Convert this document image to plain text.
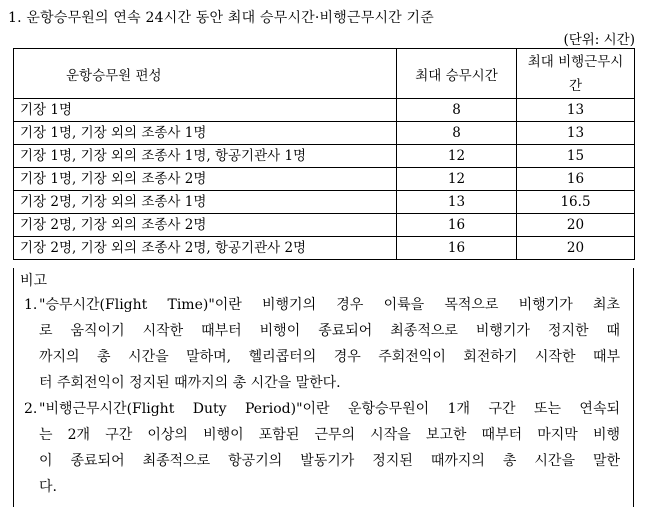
1. 운항승무원의 연속 24시간 동안 최대 승무시간·비행근무시간 기준
(단위: 시간)
운항승무원 편성	최대 승무시간	최대 비행근무시간
기장 1명	8	13
기장 1명, 기장 외의 조종사 1명	8	13
기장 1명, 기장 외의 조종사 1명, 항공기관사 1명	12	15
기장 1명, 기장 외의 조종사 2명	12	16
기장 2명, 기장 외의 조종사 1명	13	16.5
기장 2명, 기장 외의 조종사 2명	16	20
기장 2명, 기장 외의 조종사 2명, 항공기관사 2명	16	20
비고
1. "승무시간(Flight Time)"이란 비행기의 경우 이륙을 목적으로 비행기가 최초
로 움직이기 시작한 때부터 비행이 종료되어 최종적으로 비행기가 정지한 때
까지의 총 시간을 말하며, 헬리콥터의 경우 주회전익이 회전하기 시작한 때부
터 주회전익이 정지된 때까지의 총 시간을 말한다.
2. "비행근무시간(Flight Duty Period)"이란 운항승무원이 1개 구간 또는 연속되
는 2개 구간 이상의 비행이 포함된 근무의 시작을 보고한 때부터 마지막 비행
이 종료되어 최종적으로 항공기의 발동기가 정지된 때까지의 총 시간을 말한
다.
